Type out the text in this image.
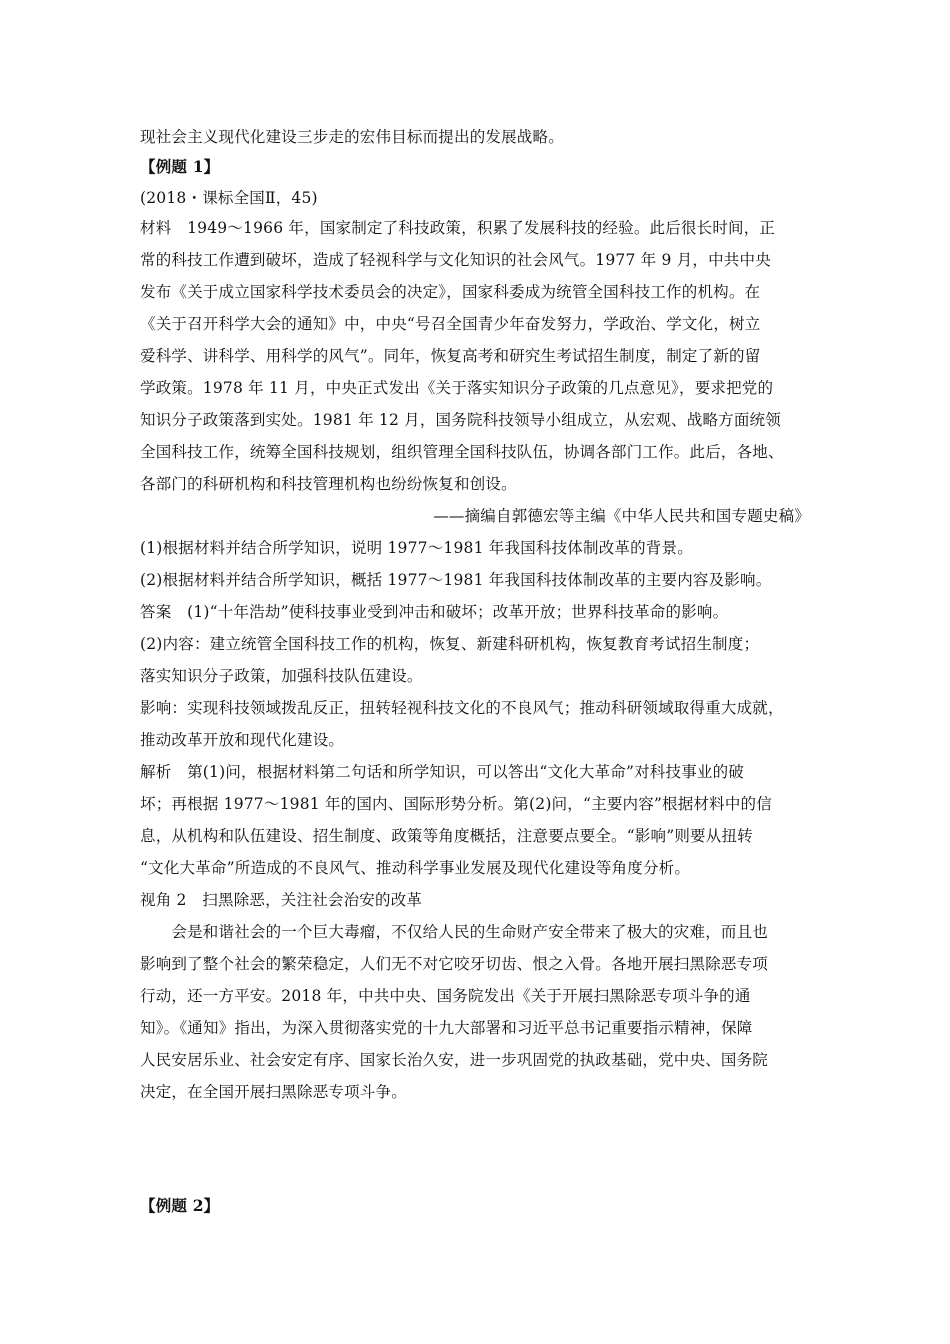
现社会主义现代化建设三步走的宏伟目标而提出的发展战略。
【例题 1】
(2018・课标全国Ⅱ，45)
材料　1949～1966 年，国家制定了科技政策，积累了发展科技的经验。此后很长时间，正
常的科技工作遭到破坏，造成了轻视科学与文化知识的社会风气。1977 年 9 月，中共中央
发布《关于成立国家科学技术委员会的决定》，国家科委成为统管全国科技工作的机构。在
《关于召开科学大会的通知》中，中央“号召全国青少年奋发努力，学政治、学文化，树立
爱科学、讲科学、用科学的风气”。同年，恢复高考和研究生考试招生制度，制定了新的留
学政策。1978 年 11 月，中央正式发出《关于落实知识分子政策的几点意见》，要求把党的
知识分子政策落到实处。1981 年 12 月，国务院科技领导小组成立，从宏观、战略方面统领
全国科技工作，统筹全国科技规划，组织管理全国科技队伍，协调各部门工作。此后，各地、
各部门的科研机构和科技管理机构也纷纷恢复和创设。
——摘编自郭德宏等主编《中华人民共和国专题史稿》
(1)根据材料并结合所学知识，说明 1977～1981 年我国科技体制改革的背景。
(2)根据材料并结合所学知识，概括 1977～1981 年我国科技体制改革的主要内容及影响。
答案　(1)“十年浩劫”使科技事业受到冲击和破坏；改革开放；世界科技革命的影响。
(2)内容：建立统管全国科技工作的机构，恢复、新建科研机构，恢复教育考试招生制度；
落实知识分子政策，加强科技队伍建设。
影响：实现科技领域拨乱反正，扭转轻视科技文化的不良风气；推动科研领域取得重大成就，
推动改革开放和现代化建设。
解析　第(1)问，根据材料第二句话和所学知识，可以答出“文化大革命”对科技事业的破
坏；再根据 1977～1981 年的国内、国际形势分析。第(2)问，“主要内容”根据材料中的信
息，从机构和队伍建设、招生制度、政策等角度概括，注意要点要全。“影响”则要从扭转
“文化大革命”所造成的不良风气、推动科学事业发展及现代化建设等角度分析。
视角 2　扫黑除恶，关注社会治安的改革
　　会是和谐社会的一个巨大毒瘤，不仅给人民的生命财产安全带来了极大的灾难，而且也
影响到了整个社会的繁荣稳定，人们无不对它咬牙切齿、恨之入骨。各地开展扫黑除恶专项
行动，还一方平安。2018 年，中共中央、国务院发出《关于开展扫黑除恶专项斗争的通
知》。《通知》指出，为深入贯彻落实党的十九大部署和习近平总书记重要指示精神，保障
人民安居乐业、社会安定有序、国家长治久安，进一步巩固党的执政基础，党中央、国务院
决定，在全国开展扫黑除恶专项斗争。
【例题 2】
